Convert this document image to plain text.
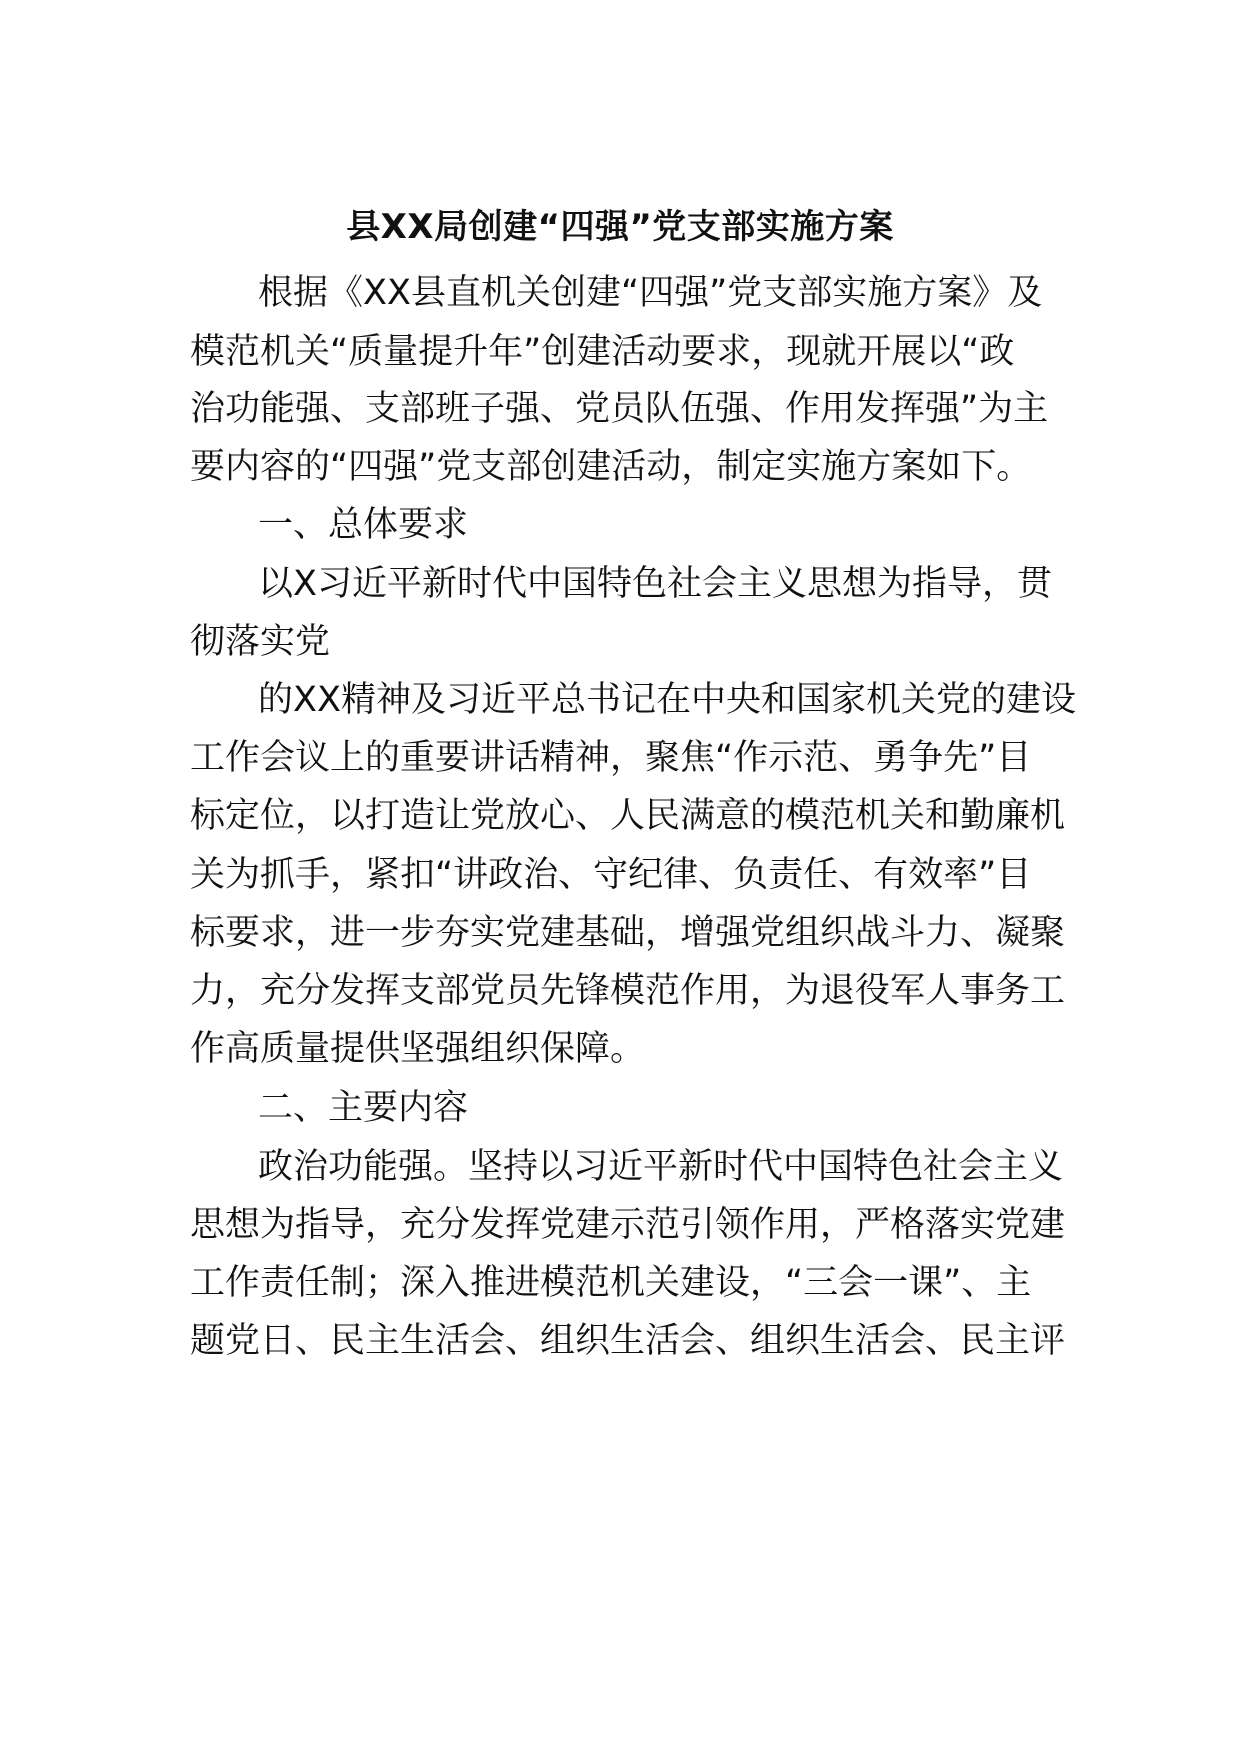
县XX局创建“四强”党支部实施方案
根据《XX县直机关创建“四强”党支部实施方案》及
模范机关“质量提升年”创建活动要求，现就开展以“政
治功能强、支部班子强、党员队伍强、作用发挥强”为主
要内容的“四强”党支部创建活动，制定实施方案如下。
一、总体要求
以X习近平新时代中国特色社会主义思想为指导，贯
彻落实党
的XX精神及习近平总书记在中央和国家机关党的建设
工作会议上的重要讲话精神，聚焦“作示范、勇争先”目
标定位，以打造让党放心、人民满意的模范机关和勤廉机
关为抓手，紧扣“讲政治、守纪律、负责任、有效率”目
标要求，进一步夯实党建基础，增强党组织战斗力、凝聚
力，充分发挥支部党员先锋模范作用，为退役军人事务工
作高质量提供坚强组织保障。
二、主要内容
政治功能强。坚持以习近平新时代中国特色社会主义
思想为指导，充分发挥党建示范引领作用，严格落实党建
工作责任制；深入推进模范机关建设，“三会一课”、主
题党日、民主生活会、组织生活会、组织生活会、民主评
